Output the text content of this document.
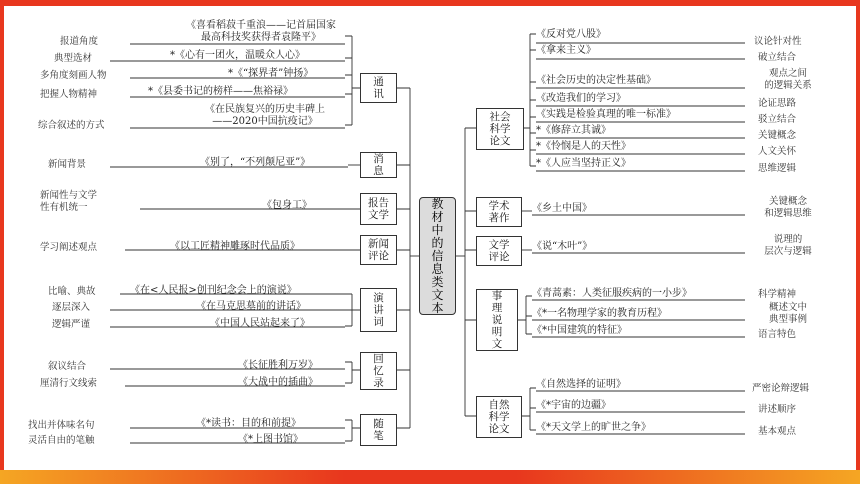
教
材
中
的
信
息
类
文
本
通
讯
消
息
报告
文学
新闻
评论
演
讲
词
回
忆
录
随
笔
社会
科学
论文
学术
著作
文学
评论
事
理
说
明
文
自然
科学
论文
《喜看稻菽千重浪——记首届国家
最高科技奖获得者袁隆平》
*《心有一团火，温暖众人心》
*《“探界者”钟扬》
*《县委书记的榜样——焦裕禄》
《在民族复兴的历史丰碑上
——2020中国抗疫记》
《别了，“不列颠尼亚”》
《包身工》
《以工匠精神雕琢时代品质》
《在<人民报>创刊纪念会上的演说》
《在马克思墓前的讲话》
《中国人民站起来了》
《长征胜利万岁》
《大战中的插曲》
《*读书：目的和前提》
《*上图书馆》
报道角度
典型选材
多角度刻画人物
把握人物精神
综合叙述的方式
新闻背景
新闻性与文学
性有机统一
学习阐述观点
比喻、典故
逐层深入
逻辑严谨
叙议结合
厘清行文线索
找出并体味名句
灵活自由的笔触
《反对党八股》
《拿来主义》
《社会历史的决定性基础》
《改造我们的学习》
《实践是检验真理的唯一标准》
*《修辞立其诚》
*《怜悯是人的天性》
*《人应当坚持正义》
《乡土中国》
《说“木叶”》
《青蒿素：人类征服疾病的一小步》
《*一名物理学家的教育历程》
《*中国建筑的特征》
《自然选择的证明》
《*宇宙的边疆》
《*天文学上的旷世之争》
议论针对性
破立结合
观点之间
的逻辑关系
论证思路
驳立结合
关键概念
人文关怀
思维逻辑
关键概念
和逻辑思维
说理的
层次与逻辑
科学精神
概述文中
典型事例
语言特色
严密论辩逻辑
讲述顺序
基本观点
